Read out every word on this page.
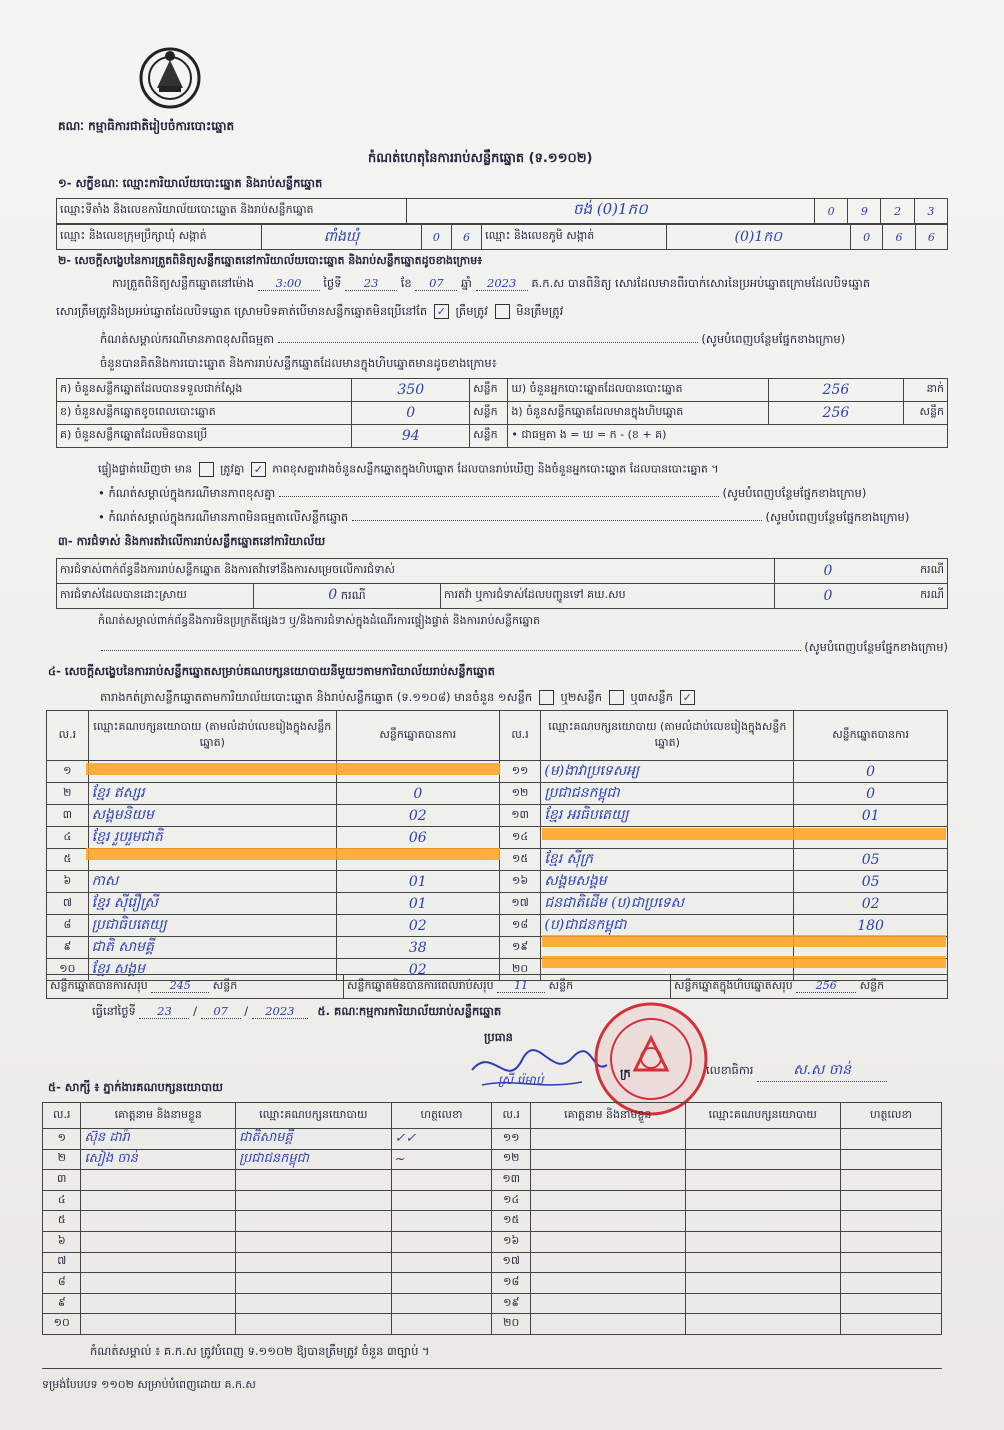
គណៈ កម្មាធិការជាតិរៀបចំការបោះឆ្នោត
កំណត់ហេតុនៃការរាប់សន្លឹកឆ្នោត (ទ.១១០២)
១- សក្ខីខណៈ ឈ្មោះការិយាល័យបោះឆ្នោត និងរាប់សន្លឹកឆ្នោត
ឈ្មោះទីតាំង និងលេខការិយាល័យបោះឆ្នោត និងរាប់សន្លឹកឆ្នោត	ចង់ (0)1ក០	0	9	2	3
ឈ្មោះ និងលេខក្រុមប្រឹក្សាឃុំ សង្កាត់	ពាំងឃុំ	0	6	ឈ្មោះ និងលេខភូមិ សង្កាត់	(0)1ក០	0	6	6
២- សេចក្តីសង្ខេបនៃការត្រួតពិនិត្យសន្លឹកឆ្នោតនៅការិយាល័យបោះឆ្នោត និងរាប់សន្លឹកឆ្នោតដូចខាងក្រោម៖
ការត្រួតពិនិត្យសន្លឹកឆ្នោតនៅម៉ោង 3:00 ថ្ងៃទី 23 ខែ 07 ឆ្នាំ 2023 គ.ក.ស បានពិនិត្យ សោរដែលមានពីរបាក់សោរនៃប្រអប់ឆ្នោតក្រោមដែលបិទឆ្នោត
សោរត្រឹមត្រូវនិងប្រអប់ឆ្នោតដែលបិទឆ្នោត ស្រោមបិទគាត់បើមានសន្លឹកឆ្នោតមិនប្រើនៅតែ ✓ ត្រឹមត្រូវ មិនត្រឹមត្រូវ
កំណត់សម្គាល់ករណីមានភាពខុសពីធម្មតា	(សូមបំពេញបន្ថែមផ្នែកខាងក្រោម)
ចំនួនបានគិតនិងការបោះឆ្នោត និងការរាប់សន្លឹកឆ្នោតដែលមានក្នុងហិបឆ្នោតមានដូចខាងក្រោម៖
ក) ចំនួនសន្លឹកឆ្នោតដែលបានទទួលជាក់ស្តែង	350	សន្លឹក	ឃ) ចំនួនអ្នកបោះឆ្នោតដែលបានបោះឆ្នោត	256	នាក់
ខ) ចំនួនសន្លឹកឆ្នោតខូចពេលបោះឆ្នោត	0	សន្លឹក	ង) ចំនួនសន្លឹកឆ្នោតដែលមានក្នុងហិបឆ្នោត	256	សន្លឹក
គ) ចំនួនសន្លឹកឆ្នោតដែលមិនបានប្រើ	94	សន្លឹក	• ជាធម្មតា ង = ឃ = ក - (ខ + គ)		
ផ្ទៀងផ្ទាត់ឃើញថា មាន	ត្រូវគ្នា ✓ ភាពខុសគ្នារវាងចំនួនសន្លឹកឆ្នោតក្នុងហិបឆ្នោត ដែលបានរាប់ឃើញ និងចំនួនអ្នកបោះឆ្នោត ដែលបានបោះឆ្នោត ។
• កំណត់សម្គាល់ក្នុងករណីមានភាពខុសគ្នា	(សូមបំពេញបន្ថែមផ្នែកខាងក្រោម)
• កំណត់សម្គាល់ក្នុងករណីមានភាពមិនធម្មតាលើសន្លឹកឆ្នោត	(សូមបំពេញបន្ថែមផ្នែកខាងក្រោម)
៣- ការជំទាស់ និងការតវ៉ាលើការរាប់សន្លឹកឆ្នោតនៅការិយាល័យ
ការជំទាស់ពាក់ព័ន្ធនឹងការរាប់សន្លឹកឆ្នោត និងការតវ៉ាទៅនឹងការសម្រេចលើការជំទាស់			0	ករណី
ការជំទាស់ដែលបានដោះស្រាយ	0 ករណី	ការតវ៉ា ឬការជំទាស់ដែលបញ្ជូនទៅ គឃ.សប	0	ករណី
កំណត់សម្គាល់ពាក់ព័ន្ធនឹងការមិនប្រក្រតីផ្សេងៗ ឬ/និងការជំទាស់ក្នុងដំណើរការផ្ទៀងផ្ទាត់ និងការរាប់សន្លឹកឆ្នោត
(សូមបំពេញបន្ថែមផ្នែកខាងក្រោម)
៤- សេចក្តីសង្ខេបនៃការរាប់សន្លឹកឆ្នោតសម្រាប់គណបក្សនយោបាយនីមួយៗតាមការិយាល័យរាប់សន្លឹកឆ្នោត
តារាងកត់ត្រាសន្លឹកឆ្នោតតាមការិយាល័យបោះឆ្នោត និងរាប់សន្លឹកឆ្នោត (ទ.១១០៨) មានចំនួន ១សន្លឹក ឬ២សន្លឹក ឬ៣សន្លឹក ✓
ល.រ	ឈ្មោះគណបក្សនយោបាយ (តាមលំដាប់លេខរៀងក្នុងសន្លឹកឆ្នោត)	សន្លឹកឆ្នោតបានការ	ល.រ	ឈ្មោះគណបក្សនយោបាយ (តាមលំដាប់លេខរៀងក្នុងសន្លឹកឆ្នោត)	សន្លឹកឆ្នោតបានការ
១			១១	(ម)ងាវាប្រទេសអ្យ	0
២	ខ្មែរ ឥស្សរ	0	១២	ប្រជាជនកម្ពុជា	0
៣	សង្គមនិយម	02	១៣	ខ្មែរ អរធិបតេយ្យ	01
៤	ខ្មែរ រួបរួមជាតិ	06	១៤		
៥			១៥	ខ្មែរ ស៊ីក្រ	05
៦	កាស	01	១៦	សង្គមសង្គម	05
៧	ខ្មែរ ស៊ីរឿស្រី	01	១៧	ជនជាតិដើម (ប)ជាប្រទេស	02
៨	ប្រជាធិបតេយ្យ	02	១៨	(ប)ជាជនកម្ពុជា	180
៩	ជាតិ សាមគ្គី	38	១៩		
១០	ខ្មែរ សង្គម	02	២០		
សន្លឹកឆ្នោតបានការសរុប 245 សន្លឹក	សន្លឹកឆ្នោតមិនបានការពេលរាប់សរុប 11 សន្លឹក	សន្លឹកឆ្នោតក្នុងហិបឆ្នោតសរុប 256 សន្លឹក
ធ្វើនៅថ្ងៃទី 23 / 07 / 2023 ៥. គណៈកម្មការការិយាល័យរាប់សន្លឹកឆ្នោត
ប្រធាន
ស្រី រ៉េមាប់	ក្រ	លេខាធិការ	ស.ស ចាន់
៥- សាក្សី ៖ ភ្នាក់ងារគណបក្សនយោបាយ
ល.រ	គោត្តនាម និងនាមខ្លួន	ឈ្មោះគណបក្សនយោបាយ	ហត្ថលេខា	ល.រ	គោត្តនាម និងនាមខ្លួន	ឈ្មោះគណបក្សនយោបាយ	ហត្ថលេខា
១	ស៊ុន ដារ៉ា	ជាតិសាមគ្គី	✓✓	១១			
២	សៀង ចាន់	ប្រជាជនកម្ពុជា	~	១២			
៣				១៣			
៤				១៤			
៥				១៥			
៦				១៦			
៧				១៧			
៨				១៨			
៩				១៩			
១០				២០			
កំណត់សម្គាល់ ៖ គ.ក.ស ត្រូវបំពេញ ទ.១១០២ ឱ្យបានត្រឹមត្រូវ ចំនួន ៣ច្បាប់ ។
ទម្រង់បែបបទ ១១០២ សម្រាប់បំពេញដោយ គ.ក.ស
